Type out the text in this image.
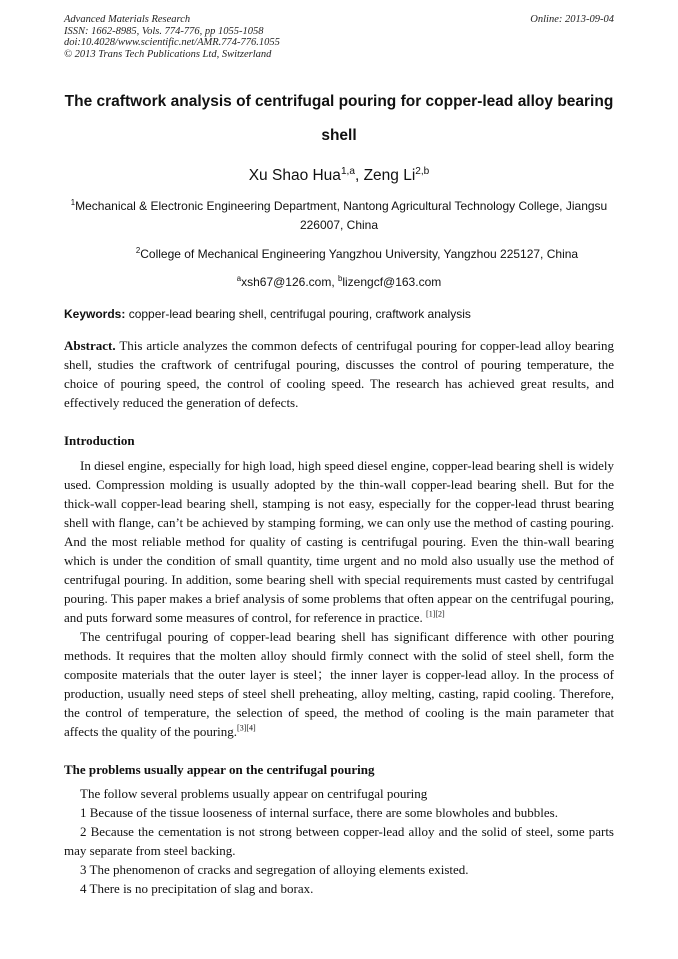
Advanced Materials Research
ISSN: 1662-8985, Vols. 774-776, pp 1055-1058
doi:10.4028/www.scientific.net/AMR.774-776.1055
© 2013 Trans Tech Publications Ltd, Switzerland
Online: 2013-09-04
The craftwork analysis of centrifugal pouring for copper-lead alloy bearing shell
Xu Shao Hua$^{1,a}$, Zeng Li$^{2,b}$
$^1$Mechanical & Electronic Engineering Department, Nantong Agricultural Technology College, Jiangsu 226007, China
$^2$College of Mechanical Engineering Yangzhou University, Yangzhou 225127, China
$^a$xsh67@126.com, $^b$lizengcf@163.com
Keywords: copper-lead bearing shell, centrifugal pouring, craftwork analysis
Abstract. This article analyzes the common defects of centrifugal pouring for copper-lead alloy bearing shell, studies the craftwork of centrifugal pouring, discusses the control of pouring temperature, the choice of pouring speed, the control of cooling speed. The research has achieved great results, and effectively reduced the generation of defects.
Introduction
In diesel engine, especially for high load, high speed diesel engine, copper-lead bearing shell is widely used. Compression molding is usually adopted by the thin-wall copper-lead bearing shell. But for the thick-wall copper-lead bearing shell, stamping is not easy, especially for the copper-lead thrust bearing shell with flange, can’t be achieved by stamping forming, we can only use the method of casting pouring. And the most reliable method for quality of casting is centrifugal pouring. Even the thin-wall bearing which is under the condition of small quantity, time urgent and no mold also usually use the method of centrifugal pouring. In addition, some bearing shell with special requirements must casted by centrifugal pouring. This paper makes a brief analysis of some problems that often appear on the centrifugal pouring, and puts forward some measures of control, for reference in practice. [1][2]
The centrifugal pouring of copper-lead bearing shell has significant difference with other pouring methods. It requires that the molten alloy should firmly connect with the solid of steel shell, form the composite materials that the outer layer is steel；the inner layer is copper-lead alloy. In the process of production, usually need steps of steel shell preheating, alloy melting, casting, rapid cooling. Therefore, the control of temperature, the selection of speed, the method of cooling is the main parameter that affects the quality of the pouring.[3][4]
The problems usually appear on the centrifugal pouring
The follow several problems usually appear on centrifugal pouring
1 Because of the tissue looseness of internal surface, there are some blowholes and bubbles.
2 Because the cementation is not strong between copper-lead alloy and the solid of steel, some parts may separate from steel backing.
3 The phenomenon of cracks and segregation of alloying elements existed.
4 There is no precipitation of slag and borax.
